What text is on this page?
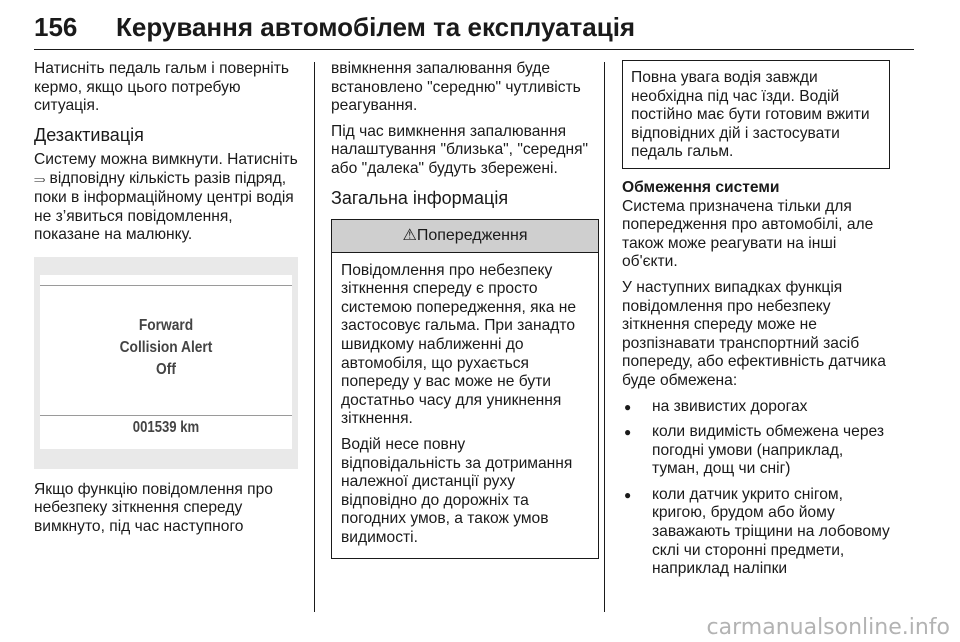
156 Керування автомобілем та експлуатація

Натисніть педаль гальм і поверніть кермо, якщо цього потребую ситуація.

Дезактивація

Систему можна вимкнути. Натисніть ⥰ відповідну кількість разів підряд, поки в інформаційному центрі водія не з’явиться повідомлення, показане на малюнку.

Forward
Collision Alert
Off
001539 km

Якщо функцію повідомлення про небезпеку зіткнення спереду вимкнуто, під час наступного

ввімкнення запалювання буде встановлено "середню" чутливість реагування.

Під час вимкнення запалювання налаштування "близька", "середня" або "далека" будуть збережені.

Загальна інформація
⚠Попередження

Повідомлення про небезпеку зіткнення спереду є просто системою попередження, яка не застосовує гальма. При занадто швидкому наближенні до автомобіля, що рухається попереду у вас може не бути достатньо часу для уникнення зіткнення.

Водій несе повну відповідальність за дотримання належної дистанції руху відповідно до дорожніх та погодних умов, а також умов видимості.

Повна увага водія завжди необхідна під час їзди. Водій постійно має бути готовим вжити відповідних дій і застосувати педаль гальм.
Обмеження системи

Система призначена тільки для попередження про автомобілі, але також може реагувати на інші об'єкти.

У наступних випадках функція повідомлення про небезпеку зіткнення спереду може не розпізнавати транспортний засіб попереду, або ефективність датчика буде обмежена:

● на звивистих дорогах
● коли видимість обмежена через погодні умови (наприклад, туман, дощ чи сніг)
● коли датчик укрито снігом, кригою, брудом або йому заважають тріщини на лобовому склі чи сторонні предмети, наприклад наліпки
carmanualsonline.info
